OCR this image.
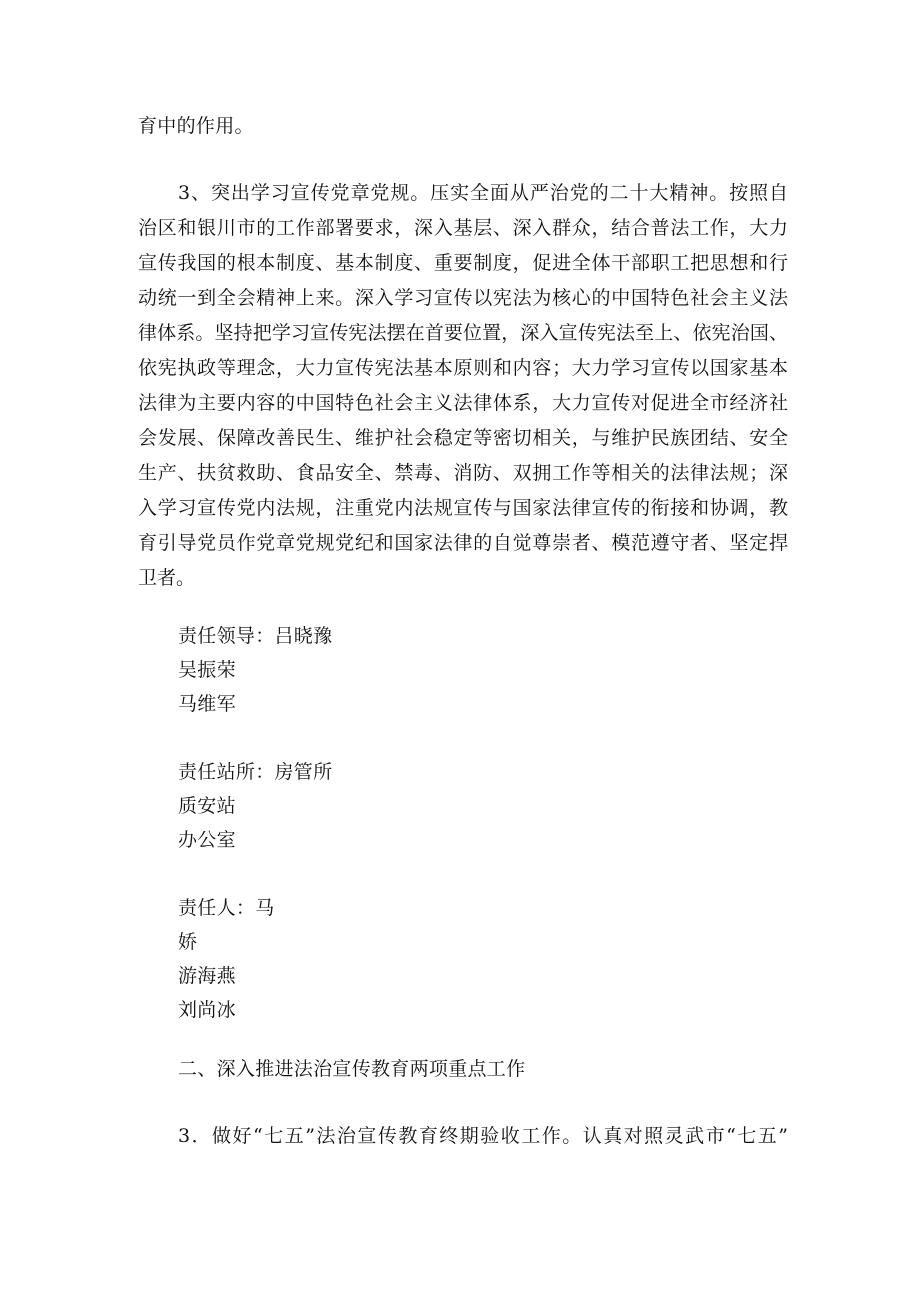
育中的作用。
3、突出学习宣传党章党规。压实全面从严治党的二十大精神。按照自
治区和银川市的工作部署要求，深入基层、深入群众，结合普法工作，大力
宣传我国的根本制度、基本制度、重要制度，促进全体干部职工把思想和行
动统一到全会精神上来。深入学习宣传以宪法为核心的中国特色社会主义法
律体系。坚持把学习宣传宪法摆在首要位置，深入宣传宪法至上、依宪治国、
依宪执政等理念，大力宣传宪法基本原则和内容；大力学习宣传以国家基本
法律为主要内容的中国特色社会主义法律体系，大力宣传对促进全市经济社
会发展、保障改善民生、维护社会稳定等密切相关，与维护民族团结、安全
生产、扶贫救助、食品安全、禁毒、消防、双拥工作等相关的法律法规；深
入学习宣传党内法规，注重党内法规宣传与国家法律宣传的衔接和协调，教
育引导党员作党章党规党纪和国家法律的自觉尊崇者、模范遵守者、坚定捍
卫者。
责任领导：吕晓豫
吴振荣
马维军
责任站所：房管所
质安站
办公室
责任人：马
娇
游海燕
刘尚冰
二、深入推进法治宣传教育两项重点工作
3．做好“七五”法治宣传教育终期验收工作。认真对照灵武市“七五”
